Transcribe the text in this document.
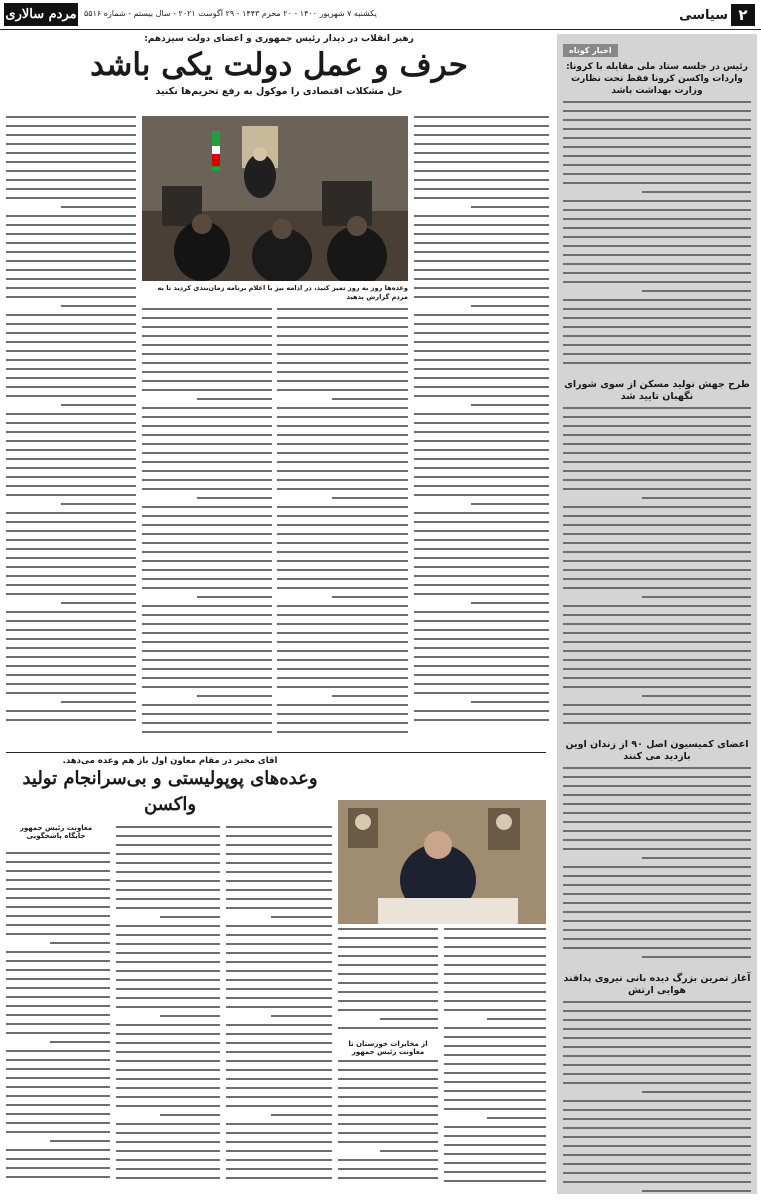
۲
سیاسی
یکشنبه ۷ شهریور ۱۴۰۰ - ۲۰ محرم ۱۴۴۳ - ۲۹ آگوست ۲۰۲۱ - سال بیستم - شماره ۵۵۱۶
مردم سالاری
اخبار کوتاه
رئیس در جلسه ستاد ملی مقابله با کرونا: واردات واکسن کرونا فقط تحت نظارت وزارت بهداشت باشد
طرح جهش تولید مسکن از سوی شورای نگهبان تایید شد
اعضای کمیسیون اصل ۹۰ از زندان اوین بازدید می کنند
آغاز تمرین بزرگ دیده بانی نیروی پدافند هوایی ارتش
رهبر انقلاب در دیدار رئیس جمهوری و اعضای دولت سیزدهم:
حرف و عمل دولت یکی باشد
حل مشکلات اقتصادی را موکول به رفع تحریم‌ها نکنید
وعده‌ها روز به روز تمیز کنید، در ادامه نیز با اعلام برنامه زمان‌بندی کردید تا به مردم گزارش بدهید
آقای مخبر در مقام معاون اول باز هم وعده می‌دهد.
وعده‌های پوپولیستی و بی‌سرانجام تولید واکسن
معاونت رئیس جمهور
جایگاه پاسخگویی
از مخابرات خوزستان تا معاونت رئیس جمهور
